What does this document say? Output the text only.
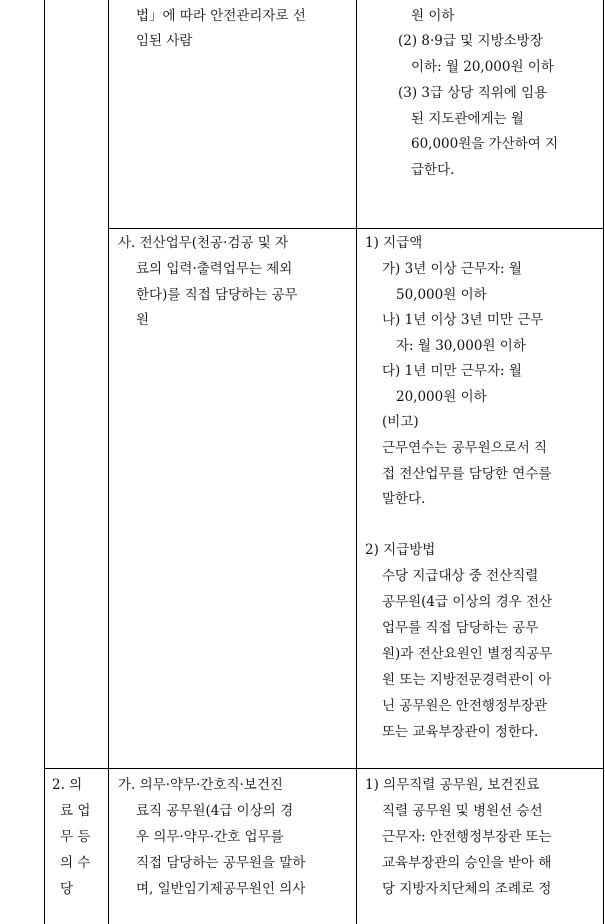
법」에 따라 안전관리자로 선
임된 사람
원 이하
(2) 8·9급 및 지방소방장
이하: 월 20,000원 이하
(3) 3급 상당 직위에 임용
된 지도관에게는 월
60,000원을 가산하여 지
급한다.
사. 전산업무(천공·검공 및 자
료의 입력·출력업무는 제외
한다)를 직접 담당하는 공무
원
1) 지급액
가) 3년 이상 근무자: 월
50,000원 이하
나) 1년 이상 3년 미만 근무
자: 월 30,000원 이하
다) 1년 미만 근무자: 월
20,000원 이하
(비고)
근무연수는 공무원으로서 직
접 전산업무를 담당한 연수를
말한다.
2) 지급방법
수당 지급대상 중 전산직렬
공무원(4급 이상의 경우 전산
업무를 직접 담당하는 공무
원)과 전산요원인 별정직공무
원 또는 지방전문경력관이 아
닌 공무원은 안전행정부장관
또는 교육부장관이 정한다.
2. 의
료 업
무 등
의 수
당
가. 의무·약무·간호직·보건진
료직 공무원(4급 이상의 경
우 의무·약무·간호 업무를
직접 담당하는 공무원을 말하
며, 일반임기제공무원인 의사
1) 의무직렬 공무원, 보건진료
직렬 공무원 및 병원선 승선
근무자: 안전행정부장관 또는
교육부장관의 승인을 받아 해
당 지방자치단체의 조례로 정
